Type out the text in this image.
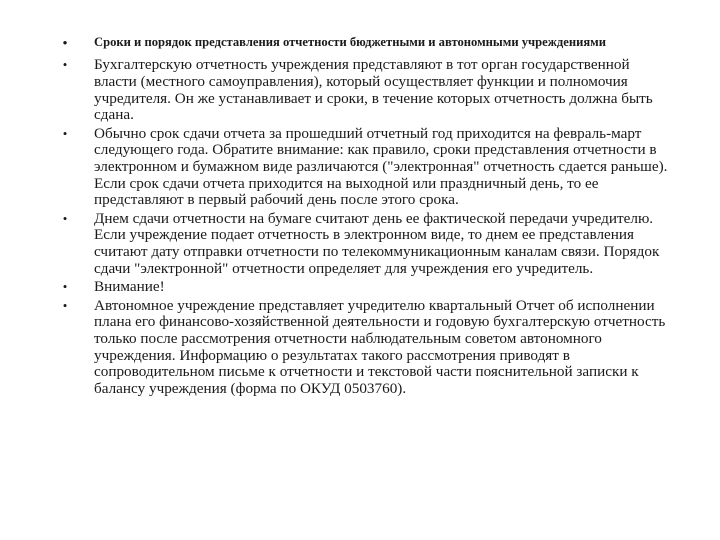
• Сроки и порядок представления отчетности бюджетными и автономными учреждениями
• Бухгалтерскую отчетность учреждения представляют в тот орган государственной власти (местного самоуправления), который осуществляет функции и полномочия учредителя. Он же устанавливает и сроки, в течение которых отчетность должна быть сдана.
• Обычно срок сдачи отчета за прошедший отчетный год приходится на февраль-март следующего года. Обратите внимание: как правило, сроки представления отчетности в электронном и бумажном виде различаются ("электронная" отчетность сдается раньше). Если срок сдачи отчета приходится на выходной или праздничный день, то ее представляют в первый рабочий день после этого срока.
• Днем сдачи отчетности на бумаге считают день ее фактической передачи учредителю. Если учреждение подает отчетность в электронном виде, то днем ее представления считают дату отправки отчетности по телекоммуникационным каналам связи. Порядок сдачи "электронной" отчетности определяет для учреждения его учредитель.
• Внимание!
• Автономное учреждение представляет учредителю квартальный Отчет об исполнении плана его финансово-хозяйственной деятельности и годовую бухгалтерскую отчетность только после рассмотрения отчетности наблюдательным советом автономного учреждения. Информацию о результатах такого рассмотрения приводят в сопроводительном письме к отчетности и текстовой части пояснительной записки к балансу учреждения (форма по ОКУД 0503760).
